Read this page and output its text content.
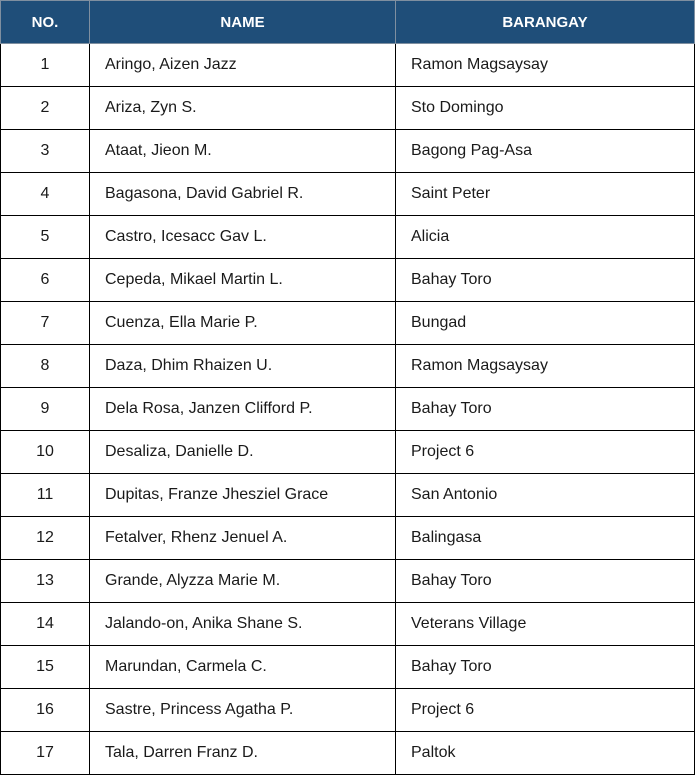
NO.	NAME	BARANGAY
1	Aringo, Aizen Jazz	Ramon Magsaysay
2	Ariza, Zyn S.	Sto Domingo
3	Ataat, Jieon M.	Bagong Pag-Asa
4	Bagasona, David Gabriel R.	Saint Peter
5	Castro, Icesacc Gav L.	Alicia
6	Cepeda, Mikael Martin L.	Bahay Toro
7	Cuenza, Ella Marie P.	Bungad
8	Daza, Dhim Rhaizen U.	Ramon Magsaysay
9	Dela Rosa, Janzen Clifford P.	Bahay Toro
10	Desaliza, Danielle D.	Project 6
11	Dupitas, Franze Jhesziel Grace	San Antonio
12	Fetalver, Rhenz Jenuel A.	Balingasa
13	Grande, Alyzza Marie M.	Bahay Toro
14	Jalando-on, Anika Shane S.	Veterans Village
15	Marundan, Carmela C.	Bahay Toro
16	Sastre, Princess Agatha P.	Project 6
17	Tala, Darren Franz D.	Paltok
